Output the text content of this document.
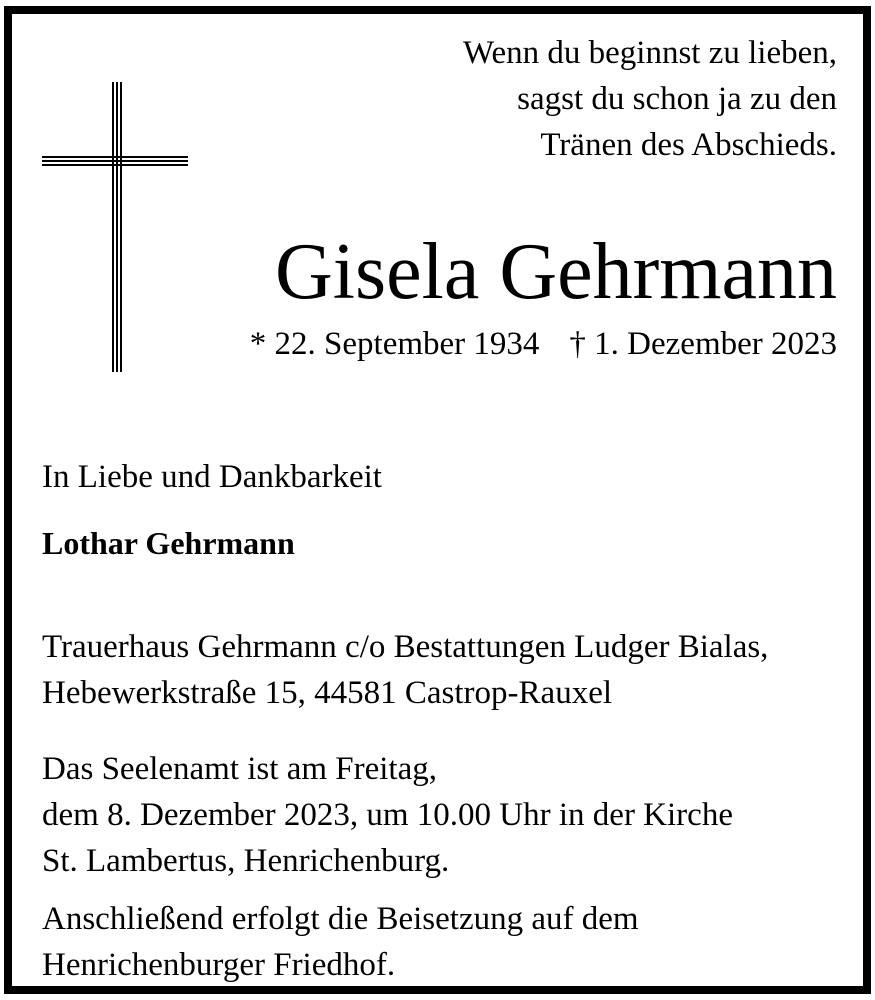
Wenn du beginnst zu lieben,
sagst du schon ja zu den
Tränen des Abschieds.
Gisela Gehrmann
* 22. September 1934 † 1. Dezember 2023
In Liebe und Dankbarkeit
Lothar Gehrmann
Trauerhaus Gehrmann c/o Bestattungen Ludger Bialas,
Hebewerkstraße 15, 44581 Castrop-Rauxel
Das Seelenamt ist am Freitag,
dem 8. Dezember 2023, um 10.00 Uhr in der Kirche
St. Lambertus, Henrichenburg.
Anschließend erfolgt die Beisetzung auf dem
Henrichenburger Friedhof.
